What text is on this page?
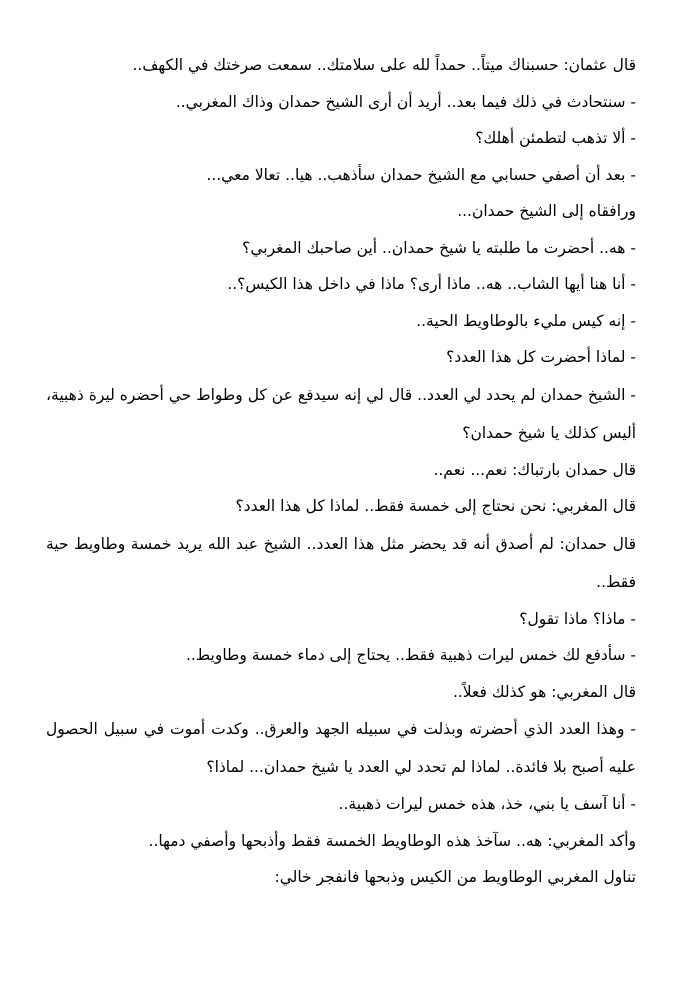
قال عثمان: حسبناك ميتاً.. حمداً لله على سلامتك.. سمعت صرختك في الكهف..

- سنتحادث في ذلك فيما بعد.. أريد أن أرى الشيخ حمدان وذاك المغربي..

- ألا تذهب لتطمئن أهلك؟

- بعد أن أصفي حسابي مع الشيخ حمدان سأذهب.. هيا.. تعالا معي...

ورافقاه إلى الشيخ حمدان...

- هه.. أحضرت ما طلبته يا شيخ حمدان.. أين صاحبك المغربي؟

- أنا هنا أيها الشاب.. هه.. ماذا أرى؟ ماذا في داخل هذا الكيس؟..

- إنه كيس مليء بالوطاويط الحية..

- لماذا أحضرت كل هذا العدد؟

- الشيخ حمدان لم يحدد لي العدد.. قال لي إنه سيدفع عن كل وطواط حي أحضره ليرة ذهبية، أليس كذلك يا شيخ حمدان؟

قال حمدان بارتباك: نعم... نعم..

قال المغربي: نحن نحتاج إلى خمسة فقط.. لماذا كل هذا العدد؟

قال حمدان: لم أصدق أنه قد يحضر مثل هذا العدد.. الشيخ عبد الله يريد خمسة وطاويط حية فقط..

- ماذا؟ ماذا تقول؟

- سأدفع لك خمس ليرات ذهبية فقط.. يحتاج إلى دماء خمسة وطاويط..

قال المغربي: هو كذلك فعلاً..

- وهذا العدد الذي أحضرته وبذلت في سبيله الجهد والعرق.. وكدت أموت في سبيل الحصول عليه أصبح بلا فائدة.. لماذا لم تحدد لي العدد يا شيخ حمدان... لماذا؟

- أنا آسف يا بني، خذ، هذه خمس ليرات ذهبية..

وأكد المغربي: هه.. سآخذ هذه الوطاويط الخمسة فقط وأذبحها وأصفي دمها..

تناول المغربي الوطاويط من الكيس وذبحها فانفجر خالي:
